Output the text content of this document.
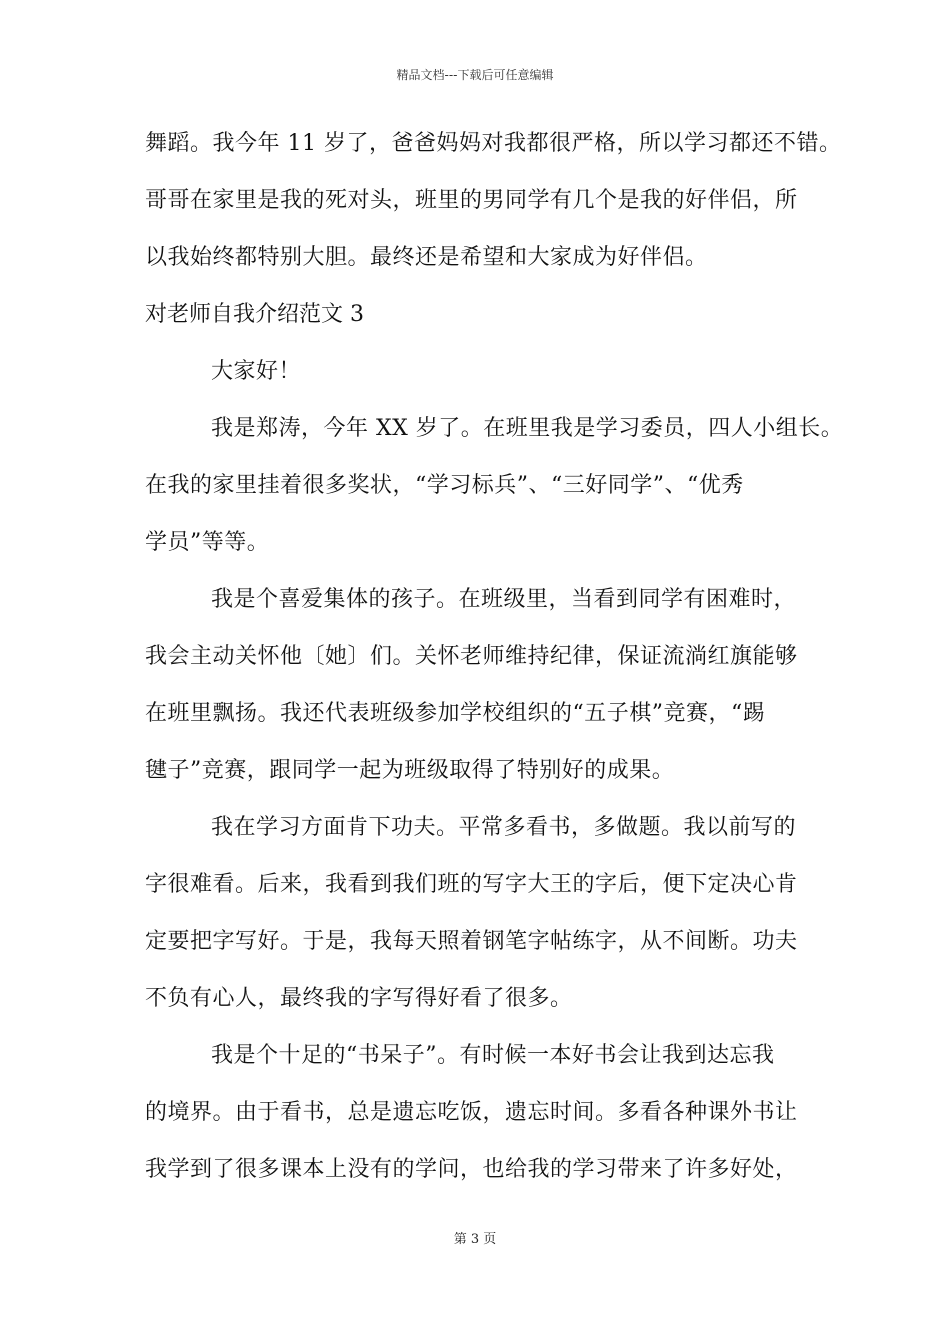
精品文档---下载后可任意编辑
舞蹈。我今年 11 岁了，爸爸妈妈对我都很严格，所以学习都还不错。
哥哥在家里是我的死对头，班里的男同学有几个是我的好伴侣，所
以我始终都特别大胆。最终还是希望和大家成为好伴侣。
对老师自我介绍范文 3
大家好！
我是郑涛，今年 XX 岁了。在班里我是学习委员，四人小组长。
在我的家里挂着很多奖状，“学习标兵”、“三好同学”、“优秀
学员”等等。
我是个喜爱集体的孩子。在班级里，当看到同学有困难时，
我会主动关怀他〔她〕们。关怀老师维持纪律，保证流淌红旗能够
在班里飘扬。我还代表班级参加学校组织的“五子棋”竞赛，“踢
毽子”竞赛，跟同学一起为班级取得了特别好的成果。
我在学习方面肯下功夫。平常多看书，多做题。我以前写的
字很难看。后来，我看到我们班的写字大王的字后，便下定决心肯
定要把字写好。于是，我每天照着钢笔字帖练字，从不间断。功夫
不负有心人，最终我的字写得好看了很多。
我是个十足的“书呆子”。有时候一本好书会让我到达忘我
的境界。由于看书，总是遗忘吃饭，遗忘时间。多看各种课外书让
我学到了很多课本上没有的学问，也给我的学习带来了许多好处，
第 3 页
